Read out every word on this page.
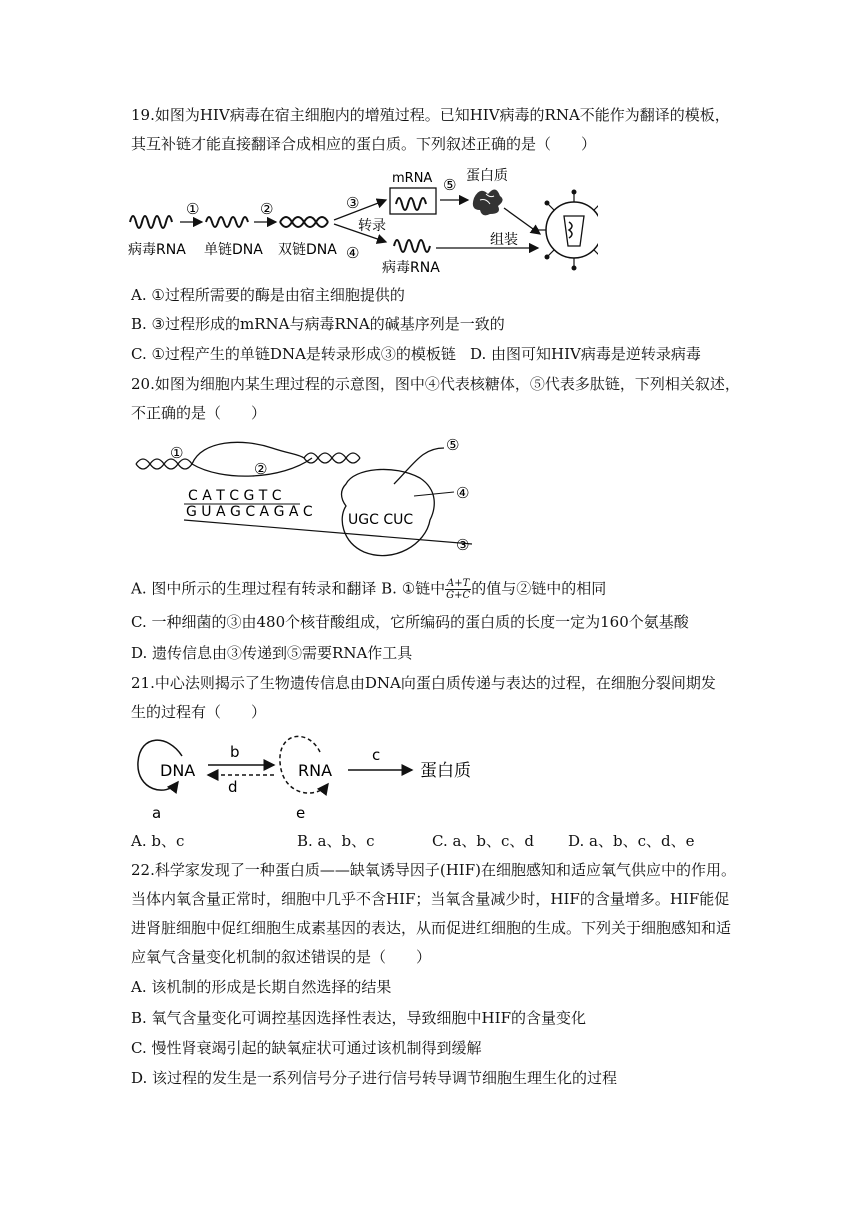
19.如图为HIV病毒在宿主细胞内的增殖过程。已知HIV病毒的RNA不能作为翻译的模板，
其互补链才能直接翻译合成相应的蛋白质。下列叙述正确的是（　　）
①	②	③
转录
④
mRNA ⑤ 蛋白质
病毒RNA
组装
病毒RNA 单链DNA 双链DNA
A. ①过程所需要的酶是由宿主细胞提供的
B. ③过程形成的mRNA与病毒RNA的碱基序列是一致的
C. ①过程产生的单链DNA是转录形成③的模板链 D. 由图可知HIV病毒是逆转录病毒
20.如图为细胞内某生理过程的示意图，图中④代表核糖体，⑤代表多肽链，下列相关叙述，
不正确的是（　　）
①
②
C A T C G T C
G U A G C A G A C	UGC CUC
⑤
④
③
A. 图中所示的生理过程有转录和翻译 B. ①链中 $\frac{A+T}{G+C}$ 的值与②链中的相同
C. 一种细菌的③由480个核苷酸组成，它所编码的蛋白质的长度一定为160个氨基酸
D. 遗传信息由③传递到⑤需要RNA作工具
21.中心法则揭示了生物遗传信息由DNA向蛋白质传递与表达的过程，在细胞分裂间期发
生的过程有（　　）
DNA
a
b
d
RNA
e
c
蛋白质
A. b、c	B. a、b、c	C. a、b、c、d D. a、b、c、d、e
22.科学家发现了一种蛋白质——缺氧诱导因子(HIF)在细胞感知和适应氧气供应中的作用。
当体内氧含量正常时，细胞中几乎不含HIF；当氧含量减少时，HIF的含量增多。HIF能促
进肾脏细胞中促红细胞生成素基因的表达，从而促进红细胞的生成。下列关于细胞感知和适
应氧气含量变化机制的叙述错误的是（　　）
A. 该机制的形成是长期自然选择的结果
B. 氧气含量变化可调控基因选择性表达，导致细胞中HIF的含量变化
C. 慢性肾衰竭引起的缺氧症状可通过该机制得到缓解
D. 该过程的发生是一系列信号分子进行信号转导调节细胞生理生化的过程
